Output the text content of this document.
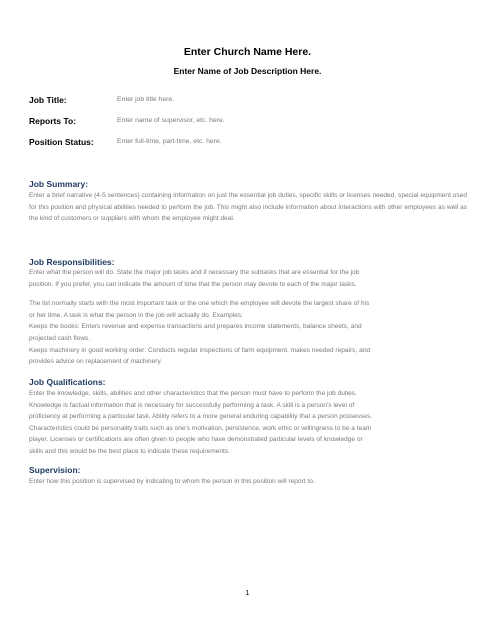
Enter Church Name Here.
Enter Name of Job Description Here.
Job Title:	Enter job title here.
Reports To:	Enter name of supervisor, etc. here.
Position Status:	Enter full-time, part-time, etc. here.
Job Summary:
Enter a brief narrative (4-5 sentences) containing information on just the essential job duties, specific skills or licenses needed, special equipment used for this position and physical abilities needed to perform the job. This might also include information about interactions with other employees as well as the kind of customers or suppliers with whom the employee might deal.
Job Responsibilities:
Enter what the person will do. State the major job tasks and if necessary the subtasks that are essential for the job
position. If you prefer, you can indicate the amount of time that the person may devote to each of the major tasks.
The list normally starts with the most important task or the one which the employee will devote the largest share of his
or her time. A task is what the person in the job will actually do. Examples:
Keeps the books: Enters revenue and expense transactions and prepares income statements, balance sheets, and
projected cash flows.
Keeps machinery in good working order: Conducts regular inspections of farm equipment, makes needed repairs, and
provides advice on replacement of machinery.
Job Qualifications:
Enter the knowledge, skills, abilities and other characteristics that the person must have to perform the job duties.
Knowledge is factual information that is necessary for successfully performing a task. A skill is a person’s level of
proficiency at performing a particular task. Ability refers to a more general enduring capability that a person possesses.
Characteristics could be personality traits such as one’s motivation, persistence, work ethic or willingness to be a team
player. Licenses or certifications are often given to people who have demonstrated particular levels of knowledge or
skills and this would be the best place to indicate these requirements.
Supervision:
Enter how this position is supervised by indicating to whom the person in this position will report to.
1
